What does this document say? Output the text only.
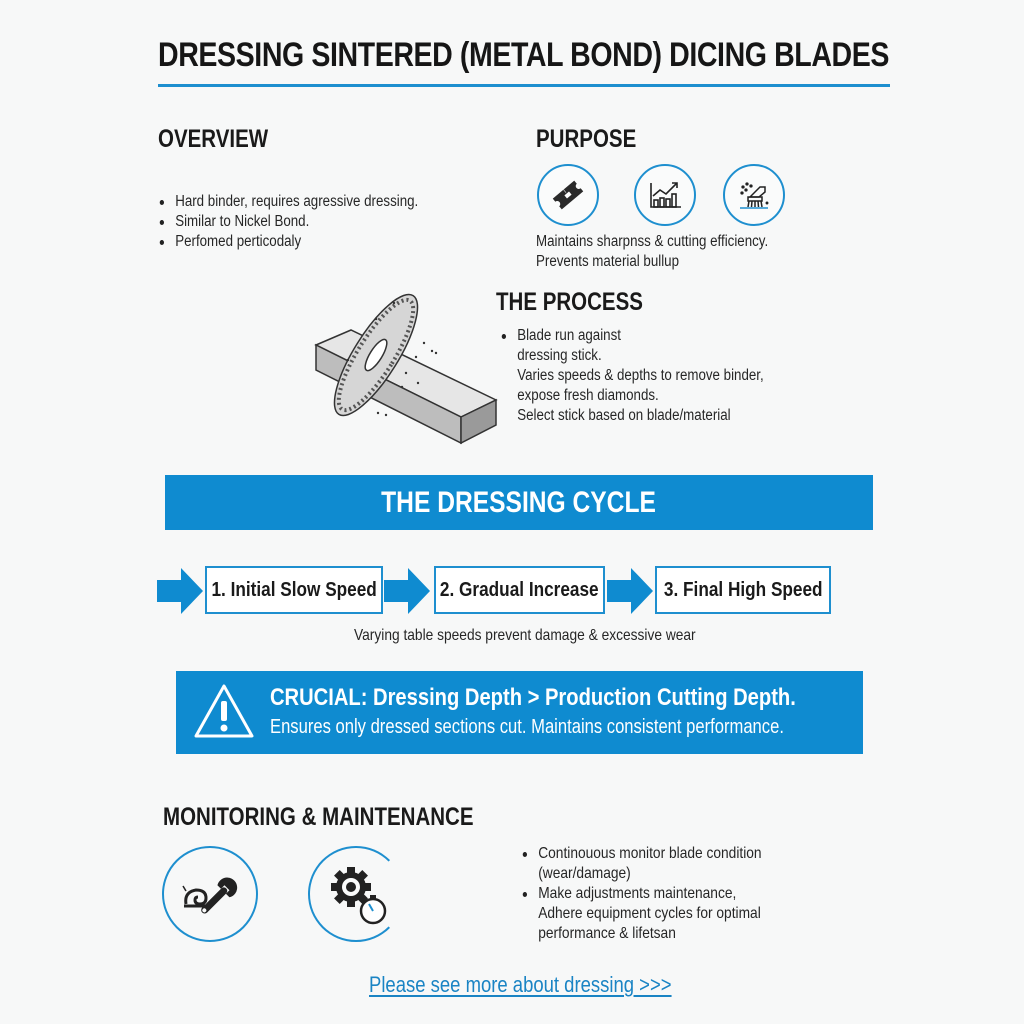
DRESSING SINTERED (METAL BOND) DICING BLADES
OVERVIEW
Hard binder, requires agressive dressing.
Similar to Nickel Bond.
Perfomed perticodaly
PURPOSE
Maintains sharpnss & cutting efficiency.
Prevents material bullup
THE PROCESS
Blade run against
dressing stick.
Varies speeds & depths to remove binder,
expose fresh diamonds.
Select stick based on blade/material
THE DRESSING CYCLE
1. Initial Slow Speed	2. Gradual Increase	3. Final High Speed
Varying table speeds prevent damage & excessive wear
CRUCIAL: Dressing Depth > Production Cutting Depth.
Ensures only dressed sections cut. Maintains consistent performance.
MONITORING & MAINTENANCE
Continouous monitor blade condition
(wear/damage)
Make adjustments maintenance,
Adhere equipment cycles for optimal
performance & lifetsan
Please see more about dressing >>>
